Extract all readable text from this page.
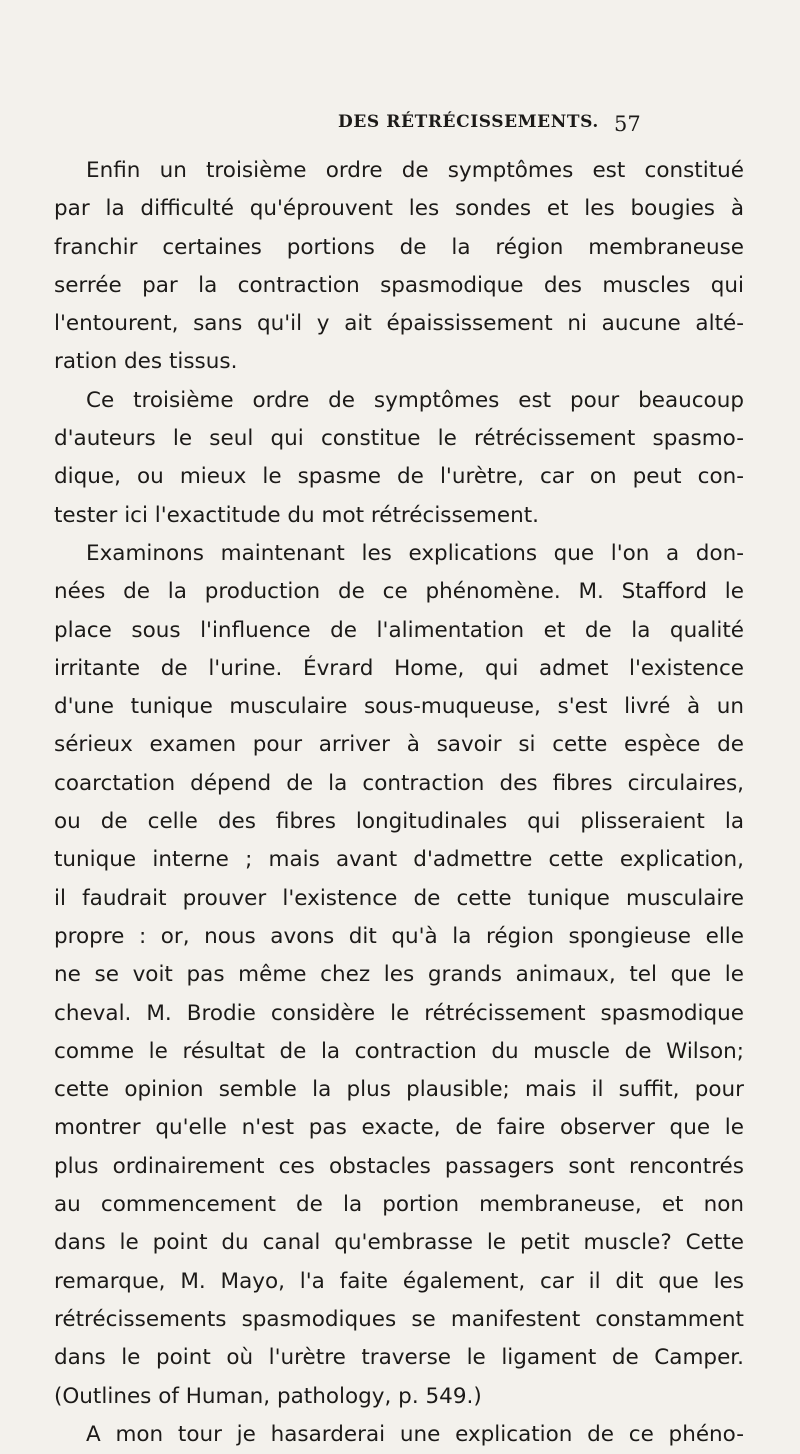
DES RÉTRÉCISSEMENTS. 57
Enfin un troisième ordre de symptômes est constitué
par la difficulté qu'éprouvent les sondes et les bougies à
franchir certaines portions de la région membraneuse
serrée par la contraction spasmodique des muscles qui
l'entourent, sans qu'il y ait épaississement ni aucune alté-
ration des tissus.
Ce troisième ordre de symptômes est pour beaucoup
d'auteurs le seul qui constitue le rétrécissement spasmo-
dique, ou mieux le spasme de l'urètre, car on peut con-
tester ici l'exactitude du mot rétrécissement.
Examinons maintenant les explications que l'on a don-
nées de la production de ce phénomène. M. Stafford le
place sous l'influence de l'alimentation et de la qualité
irritante de l'urine. Évrard Home, qui admet l'existence
d'une tunique musculaire sous-muqueuse, s'est livré à un
sérieux examen pour arriver à savoir si cette espèce de
coarctation dépend de la contraction des fibres circulaires,
ou de celle des fibres longitudinales qui plisseraient la
tunique interne ; mais avant d'admettre cette explication,
il faudrait prouver l'existence de cette tunique musculaire
propre : or, nous avons dit qu'à la région spongieuse elle
ne se voit pas même chez les grands animaux, tel que le
cheval. M. Brodie considère le rétrécissement spasmodique
comme le résultat de la contraction du muscle de Wilson;
cette opinion semble la plus plausible; mais il suffit, pour
montrer qu'elle n'est pas exacte, de faire observer que le
plus ordinairement ces obstacles passagers sont rencontrés
au commencement de la portion membraneuse, et non
dans le point du canal qu'embrasse le petit muscle? Cette
remarque, M. Mayo, l'a faite également, car il dit que les
rétrécissements spasmodiques se manifestent constamment
dans le point où l'urètre traverse le ligament de Camper.
(Outlines of Human, pathology, p. 549.)
A mon tour je hasarderai une explication de ce phéno-
